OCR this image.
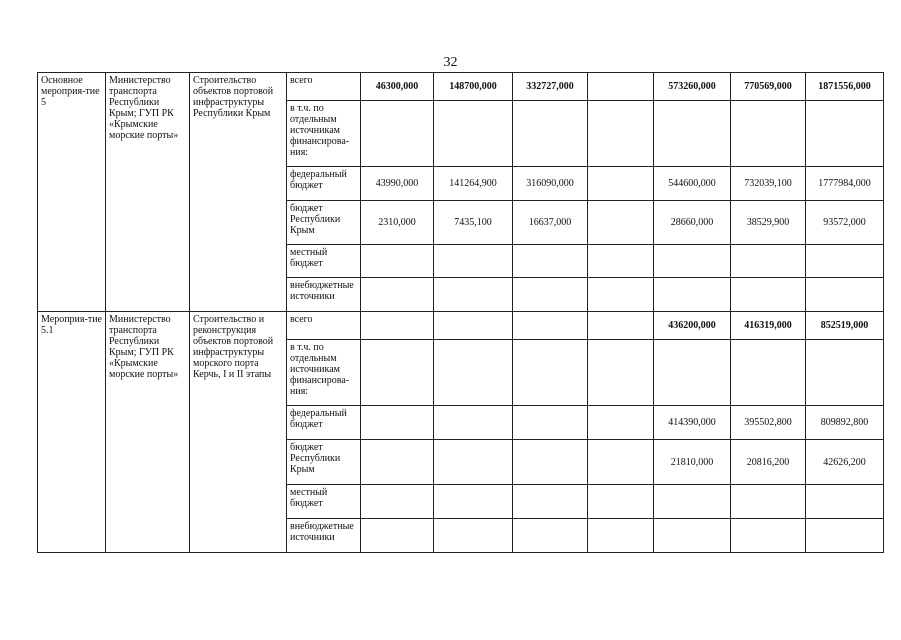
32
Основное мероприя-тие 5	Министерство транспорта Республики Крым; ГУП РК «Крымские морские порты»	Строительство объектов портовой инфраструктуры Республики Крым	всего	46300,000	148700,000	332727,000		573260,000	770569,000	1871556,000
			в т.ч. по отдельным источникам финансирова-ния:							
			федеральный бюджет	43990,000	141264,900	316090,000		544600,000	732039,100	1777984,000
			бюджет Республики Крым	2310,000	7435,100	16637,000		28660,000	38529,900	93572,000
			местный бюджет							
			внебюджетные источники							
Мероприя-тие 5.1	Министерство транспорта Республики Крым; ГУП РК «Крымские морские порты»	Строительство и реконструкция объектов портовой инфраструктуры морского порта Керчь, I и II этапы	всего					436200,000	416319,000	852519,000
			в т.ч. по отдельным источникам финансирова-ния:							
			федеральный бюджет					414390,000	395502,800	809892,800
			бюджет Республики Крым					21810,000	20816,200	42626,200
			местный бюджет							
			внебюджетные источники							
